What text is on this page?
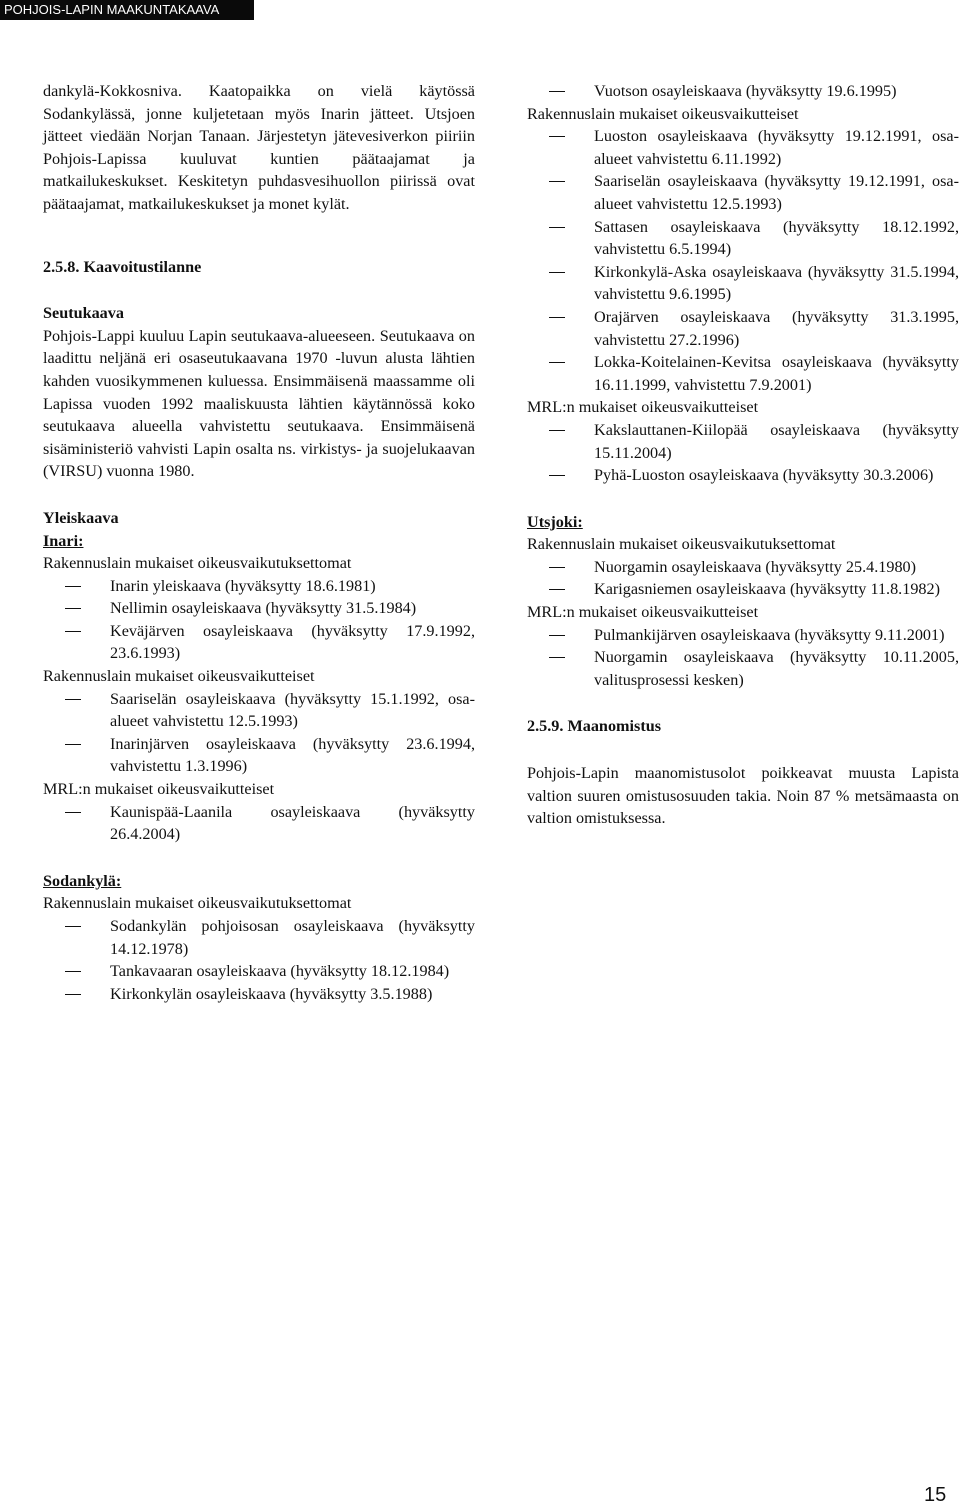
POHJOIS-LAPIN MAAKUNTAKAAVA

dankylä-Kokkosniva. Kaatopaikka on vielä käytössä Sodankylässä, jonne kuljetetaan myös Inarin jätteet. Utsjoen jätteet viedään Norjan Tanaan. Järjestetyn jätevesiverkon piiriin Pohjois-Lapissa kuuluvat kuntien päätaajamat ja matkailukeskukset. Keskitetyn puhdasvesihuollon piirissä ovat päätaajamat, matkailukeskukset ja monet kylät.

2.5.8. Kaavoitustilanne

Seutukaava

Pohjois-Lappi kuuluu Lapin seutukaava-alueeseen. Seutukaava on laadittu neljänä eri osaseutukaavana 1970 -luvun alusta lähtien kahden vuosikymmenen kuluessa. Ensimmäisenä maassamme oli Lapissa vuoden 1992 maaliskuusta lähtien käytännössä koko seutukaava alueella vahvistettu seutukaava. Ensimmäisenä sisäministeriö vahvisti Lapin osalta ns. virkistys- ja suojelukaavan (VIRSU) vuonna 1980.

Yleiskaava

Inari:

Rakennuslain mukaiset oikeusvaikutuksettomat

Inarin yleiskaava (hyväksytty 18.6.1981)

Nellimin osayleiskaava (hyväksytty 31.5.1984)

Keväjärven osayleiskaava (hyväksytty 17.9.1992, 23.6.1993)

Rakennuslain mukaiset oikeusvaikutteiset

Saariselän osayleiskaava (hyväksytty 15.1.1992, osa-alueet vahvistettu 12.5.1993)

Inarinjärven osayleiskaava (hyväksytty 23.6.1994, vahvistettu 1.3.1996)

MRL:n mukaiset oikeusvaikutteiset

Kaunispää-Laanila osayleiskaava (hyväksytty 26.4.2004)

Sodankylä:

Rakennuslain mukaiset oikeusvaikutuksettomat

Sodankylän pohjoisosan osayleiskaava (hyväksytty 14.12.1978)

Tankavaaran osayleiskaava (hyväksytty 18.12.1984)

Kirkonkylän osayleiskaava (hyväksytty 3.5.1988)

Vuotson osayleiskaava (hyväksytty 19.6.1995)

Rakennuslain mukaiset oikeusvaikutteiset

Luoston osayleiskaava (hyväksytty 19.12.1991, osa-alueet vahvistettu 6.11.1992)

Saariselän osayleiskaava (hyväksytty 19.12.1991, osa-alueet vahvistettu 12.5.1993)

Sattasen osayleiskaava (hyväksytty 18.12.1992, vahvistettu 6.5.1994)

Kirkonkylä-Aska osayleiskaava (hyväksytty 31.5.1994, vahvistettu 9.6.1995)

Orajärven osayleiskaava (hyväksytty 31.3.1995, vahvistettu 27.2.1996)

Lokka-Koitelainen-Kevitsa osayleiskaava (hyväksytty 16.11.1999, vahvistettu 7.9.2001)

MRL:n mukaiset oikeusvaikutteiset

Kakslauttanen-Kiilopää osayleiskaava (hyväksytty 15.11.2004)

Pyhä-Luoston osayleiskaava (hyväksytty 30.3.2006)

Utsjoki:

Rakennuslain mukaiset oikeusvaikutuksettomat

Nuorgamin osayleiskaava (hyväksytty 25.4.1980)

Karigasniemen osayleiskaava (hyväksytty 11.8.1982)

MRL:n mukaiset oikeusvaikutteiset

Pulmankijärven osayleiskaava (hyväksytty 9.11.2001)

Nuorgamin osayleiskaava (hyväksytty 10.11.2005, valitusprosessi kesken)

2.5.9. Maanomistus

Pohjois-Lapin maanomistusolot poikkeavat muusta Lapista valtion suuren omistusosuuden takia. Noin 87 % metsämaasta on valtion omistuksessa.

15
